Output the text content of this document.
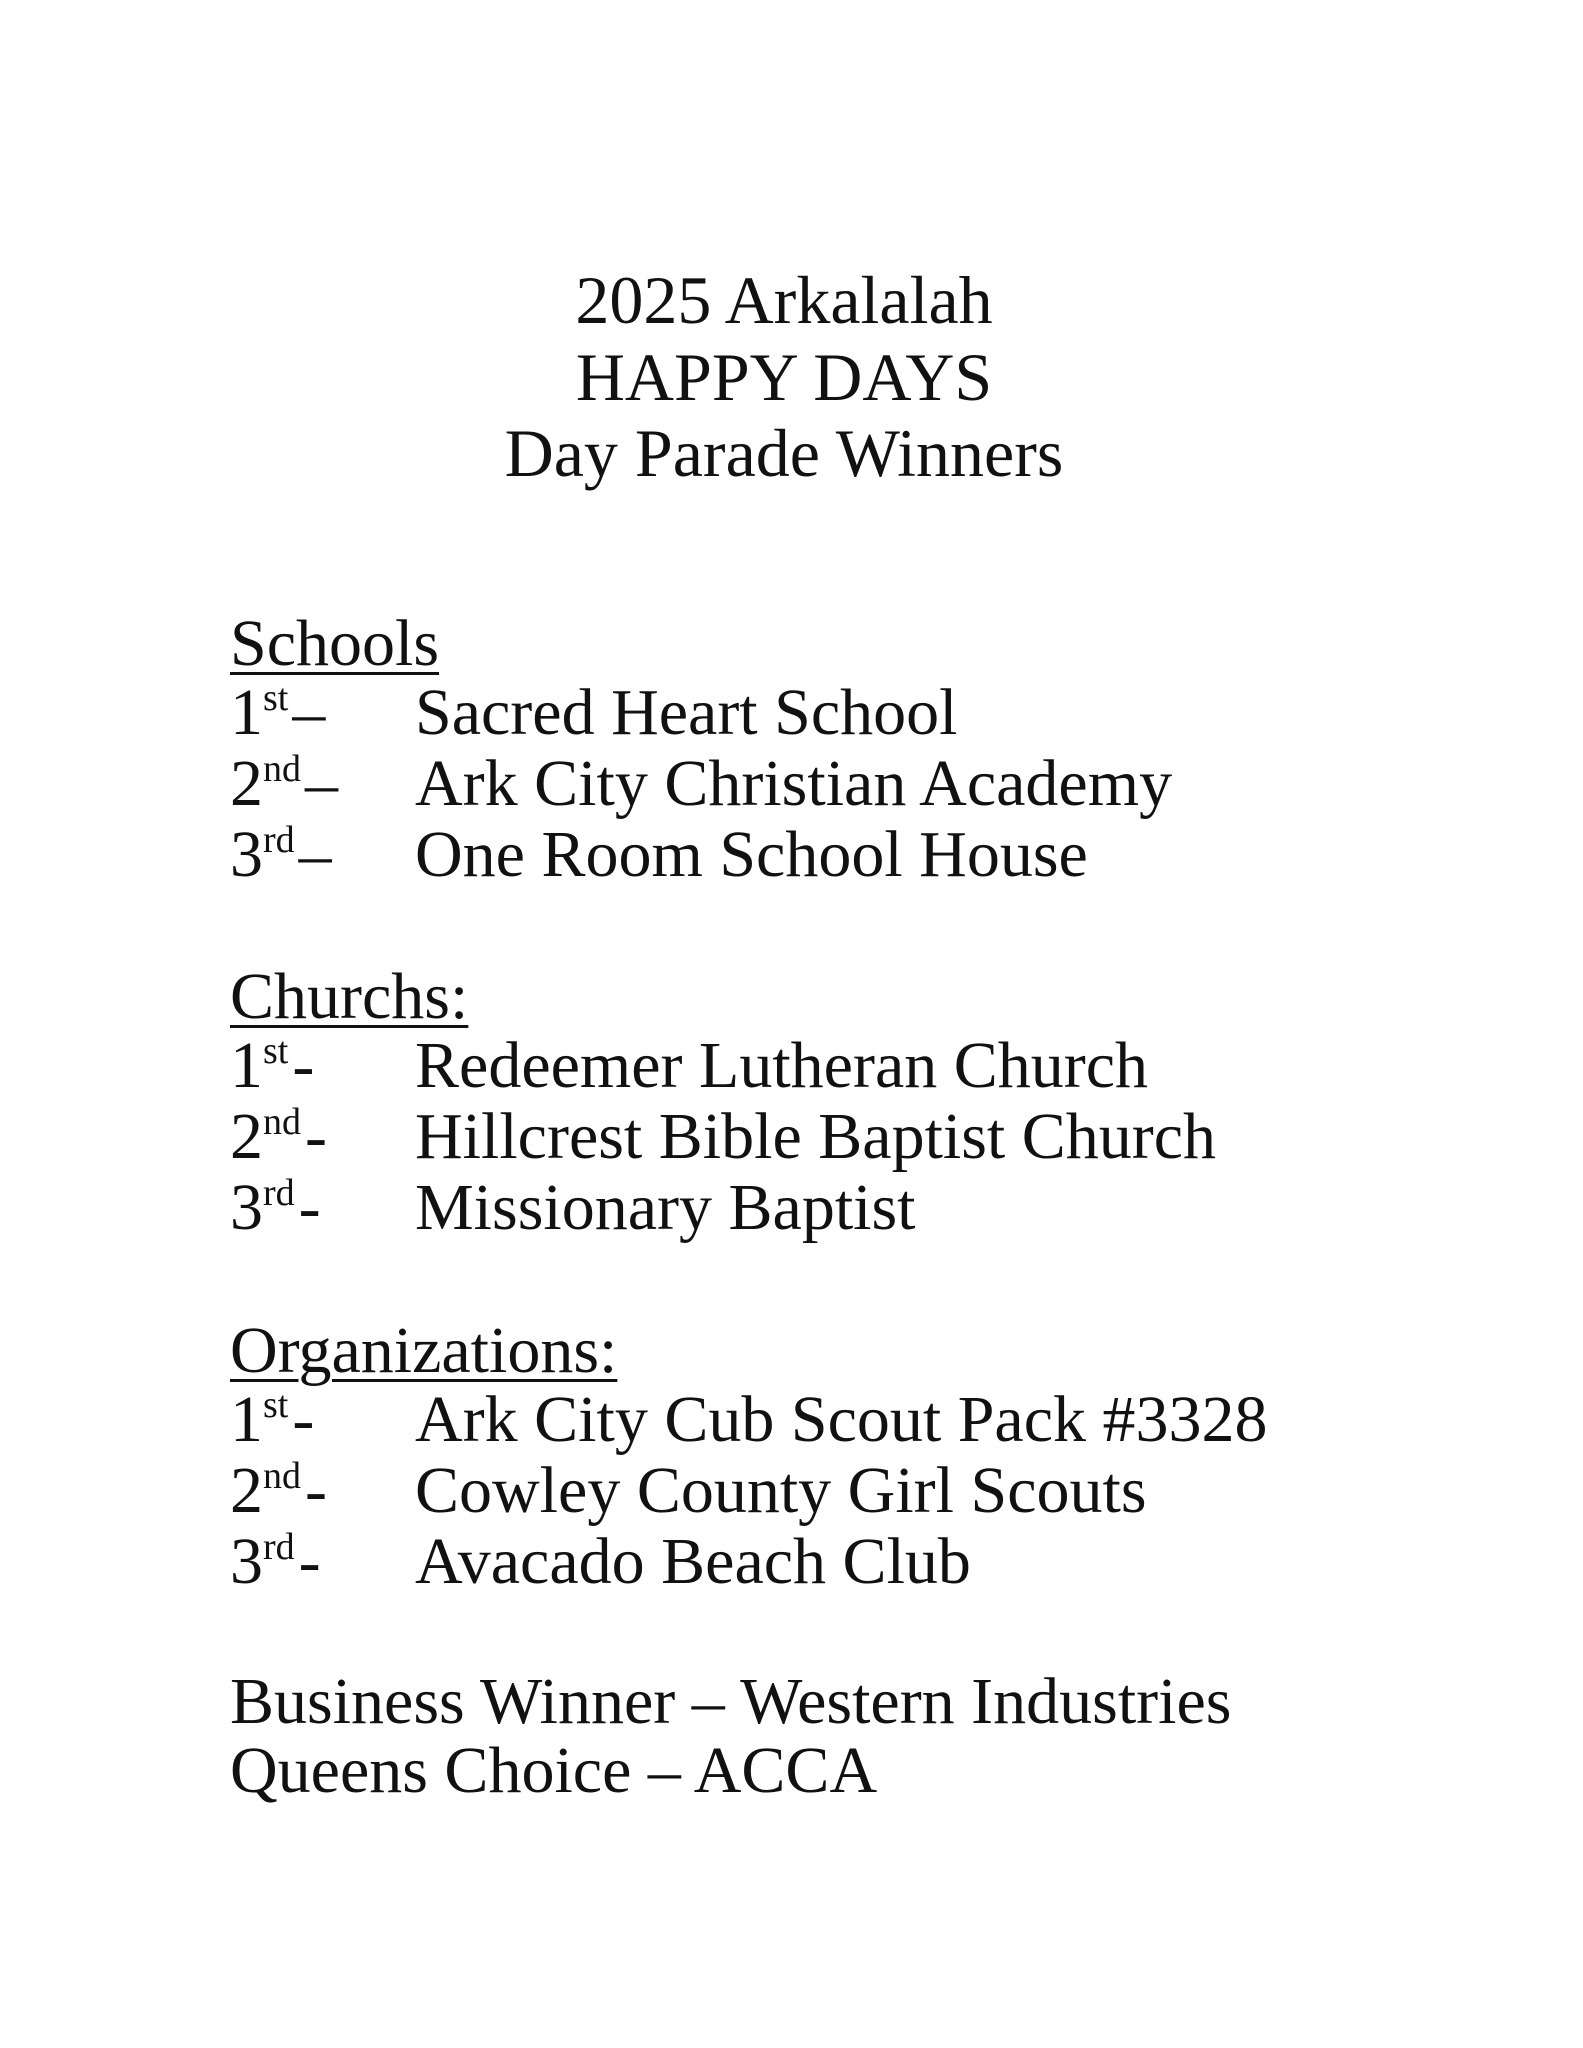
2025 Arkalalah
HAPPY DAYS
Day Parade Winners
Schools
1st– Sacred Heart School
2nd– Ark City Christian Academy
3rd– One Room School House
Churchs:
1st- Redeemer Lutheran Church
2nd- Hillcrest Bible Baptist Church
3rd- Missionary Baptist
Organizations:
1st- Ark City Cub Scout Pack #3328
2nd- Cowley County Girl Scouts
3rd- Avacado Beach Club
Business Winner – Western Industries
Queens Choice – ACCA
